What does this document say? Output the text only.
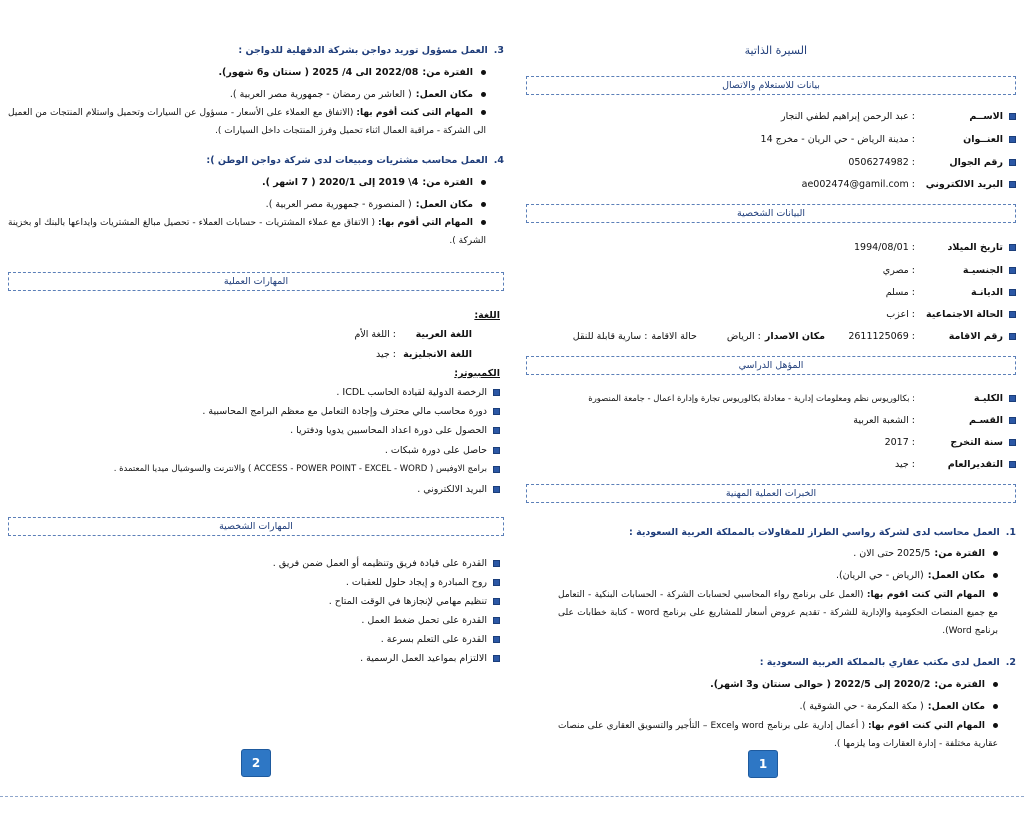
السيرة الذاتية
بيانات للاستعلام والاتصال
الاســم
: عبد الرحمن إبراهيم لطفي النجار
العنــوان
: مدينة الرياض - حي الريان - مخرج 14
رقم الجوال
: 0506274982
البريد الالكتروني
: ae002474@gamil.com
البيانات الشخصية
تاريخ الميلاد
: 1994/08/01
الجنسيـة
: مصري
الديانـة
: مسلم
الحالة الاجتماعية
: اعزب
رقم الاقامة
: 2611125069
مكان الاصدار
: الرياض
حالة الاقامة
: سارية قابلة للنقل
المؤهل الدراسي
الكليـة
: بكالوريوس نظم ومعلومات إدارية - معادلة بكالوريوس تجارة وإدارة اعمال - جامعة المنصورة
القسـم
: الشعبة العربية
سنة التخرج
: 2017
التقديرالعام
: جيد
الخبرات العملية المهنية
1.
العمل محاسب لدى لشركة رواسي الطراز للمقاولات بالمملكة العربية السعودية :
الفترة من:
2025/5 حتى الان .
مكان العمل:
(الرياض - حي الريان).
المهام التي كنت اقوم بها: (العمل على برنامج رواء المحاسبي لحسابات الشركة - الحسابات البنكية - التعامل مع جميع المنصات الحكومية والإدارية للشركة - تقديم عروض أسعار للمشاريع على برنامج word - كتابة خطابات على برنامج Word).
2.
العمل لدى مكتب عقاري بالمملكة العربية السعودية :
الفترة من:
2020/2 إلى 2022/5 ( حوالى سنتان و3 اشهر).
مكان العمل:
( مكة المكرمة - حي الشوقية ).
المهام التي كنت اقوم بها: ( أعمال إدارية على برنامج word وExcel – التأجير والتسويق العقاري على منصات عقارية مختلفة - إدارة العقارات وما يلزمها ).
1
3.
العمل مسؤول توريد دواجن بشركة الدقهلية للدواجن :
الفترة من:
2022/08 الى 4/ 2025 ( سنتان و6 شهور).
مكان العمل:
( العاشر من رمضان - جمهورية مصر العربية ).
المهام التى كنت أقوم بها: (الاتفاق مع العملاء على الأسعار - مسؤول عن السيارات وتحميل واستلام المنتجات من العميل الى الشركة - مراقبة العمال اثناء تحميل وفرز المنتجات داخل السيارات ).
4.
العمل محاسب مشتريات ومبيعات لدى شركة دواجن الوطن ):
الفترة من:
4\ 2019 إلى 2020/1 ( 7 اشهر ).
مكان العمل:
( المنصورة - جمهورية مصر العربية ).
المهام التي أقوم بها: ( الاتفاق مع عملاء المشتريات - حسابات العملاء - تحصيل مبالغ المشتريات وايداعها بالبنك او بخزينة الشركة ).
المهارات العملية
اللغة:
اللغة العربية
: اللغة الأم
اللغة الانجليزية
: جيد
الكمبيوتر:
الرخصة الدولية لقيادة الحاسب ICDL .
دورة محاسب مالي محترف وإجادة التعامل مع معظم البرامج المحاسبية .
الحصول على دورة اعداد المحاسبين يدويا ودفتريا .
حاصل على دورة شبكات .
برامج الاوفيس ( ACCESS - POWER POINT - EXCEL - WORD ) والانترنت والسوشيال ميديا المعتمدة .
البريد الالكتروني .
المهارات الشخصية
القدرة على قيادة فريق وتنظيمه أو العمل ضمن فريق .
روح المبادرة و إيجاد حلول للعقبات .
تنظيم مهامي لإنجازها في الوقت المتاح .
القدرة على تحمل ضغط العمل .
القدرة على التعلم بسرعة .
الالتزام بمواعيد العمل الرسمية .
2
